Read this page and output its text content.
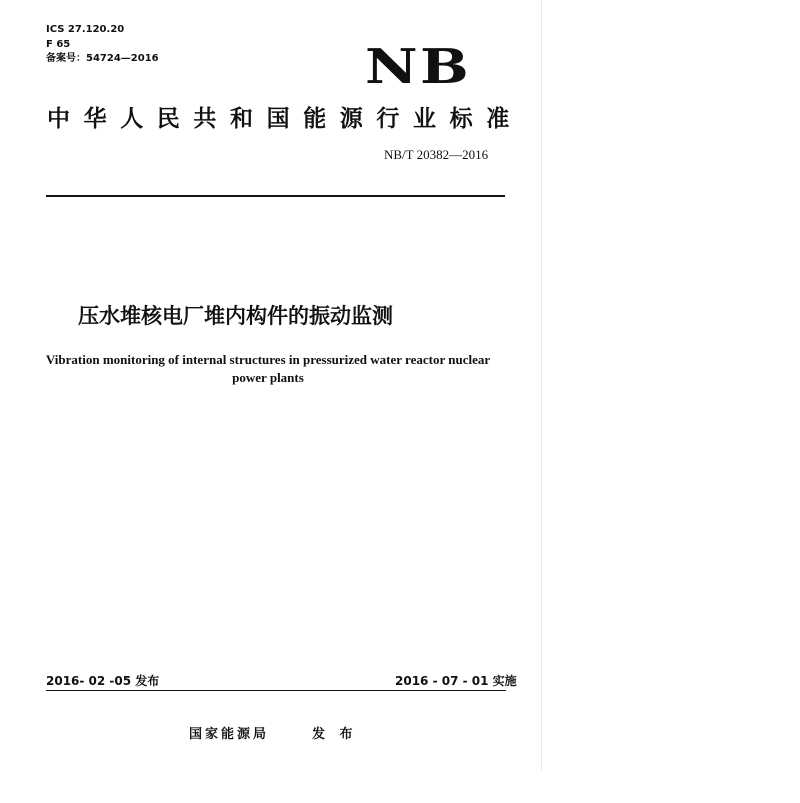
ICS 27.120.20
F 65
备案号：54724—2016	NB
中华人民共和国能源行业标准
NB/T 20382—2016
压水堆核电厂堆内构件的振动监测
Vibration monitoring of internal structures in pressurized water reactor nuclear
power plants
2016- 02 -05 发布	2016 - 07 - 01 实施
国家能源局	发 布
